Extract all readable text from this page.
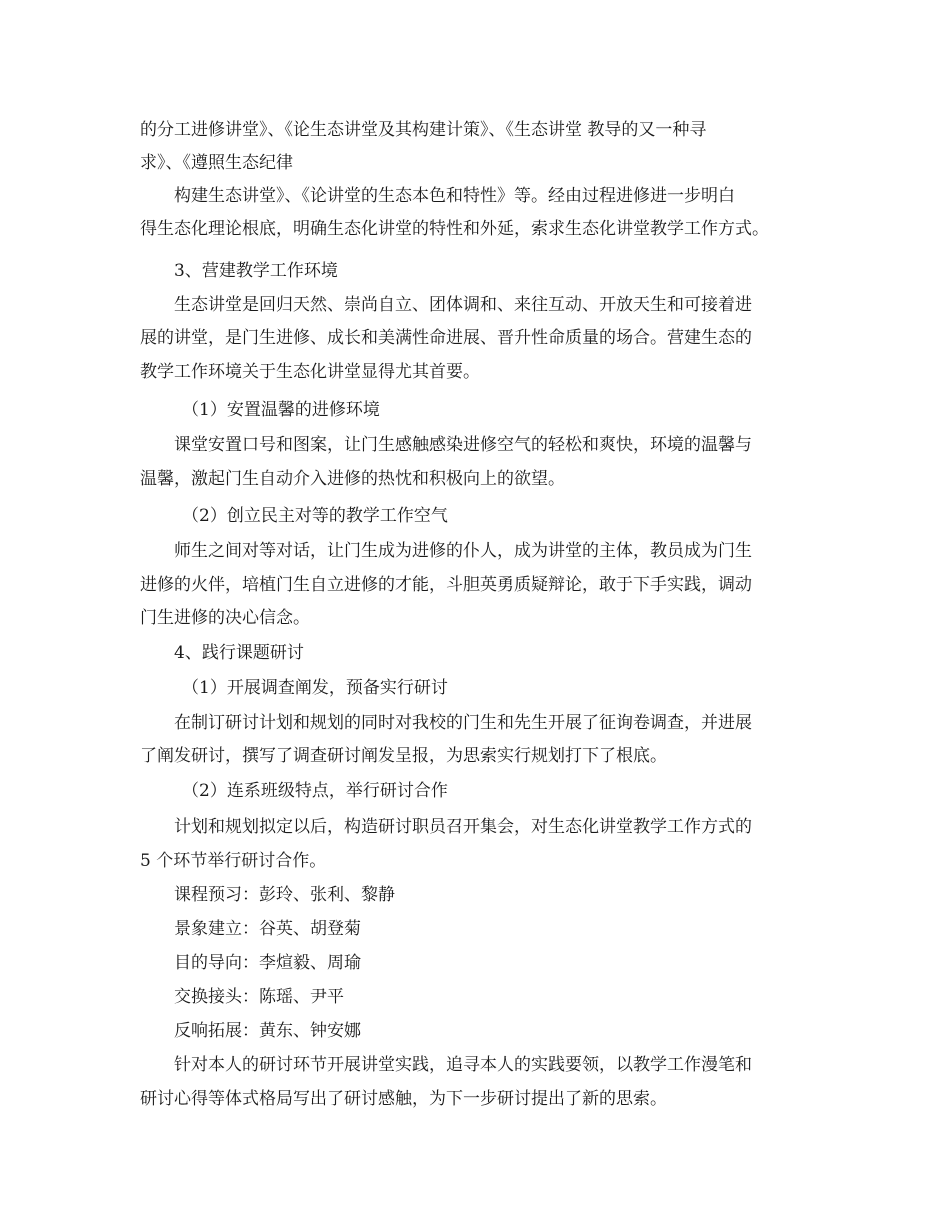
的分工进修讲堂》、《论生态讲堂及其构建计策》、《生态讲堂 教导的又一种寻
求》、《遵照生态纪律
构建生态讲堂》、《论讲堂的生态本色和特性》等。经由过程进修进一步明白
得生态化理论根底，明确生态化讲堂的特性和外延，索求生态化讲堂教学工作方式。
3、营建教学工作环境
生态讲堂是回归天然、崇尚自立、团体调和、来往互动、开放天生和可接着进
展的讲堂，是门生进修、成长和美满性命进展、晋升性命质量的场合。营建生态的
教学工作环境关于生态化讲堂显得尤其首要。
（1）安置温馨的进修环境
课堂安置口号和图案，让门生感触感染进修空气的轻松和爽快，环境的温馨与
温馨，激起门生自动介入进修的热忱和积极向上的欲望。
（2）创立民主对等的教学工作空气
师生之间对等对话，让门生成为进修的仆人，成为讲堂的主体，教员成为门生
进修的火伴，培植门生自立进修的才能，斗胆英勇质疑辩论，敢于下手实践，调动
门生进修的决心信念。
4、践行课题研讨
（1）开展调查阐发，预备实行研讨
在制订研讨计划和规划的同时对我校的门生和先生开展了征询卷调查，并进展
了阐发研讨，撰写了调查研讨阐发呈报，为思索实行规划打下了根底。
（2）连系班级特点，举行研讨合作
计划和规划拟定以后，构造研讨职员召开集会，对生态化讲堂教学工作方式的
5 个环节举行研讨合作。
课程预习：彭玲、张利、黎静
景象建立：谷英、胡登菊
目的导向：李煊毅、周瑜
交换接头：陈瑶、尹平
反响拓展：黄东、钟安娜
针对本人的研讨环节开展讲堂实践，追寻本人的实践要领，以教学工作漫笔和
研讨心得等体式格局写出了研讨感触，为下一步研讨提出了新的思索。
